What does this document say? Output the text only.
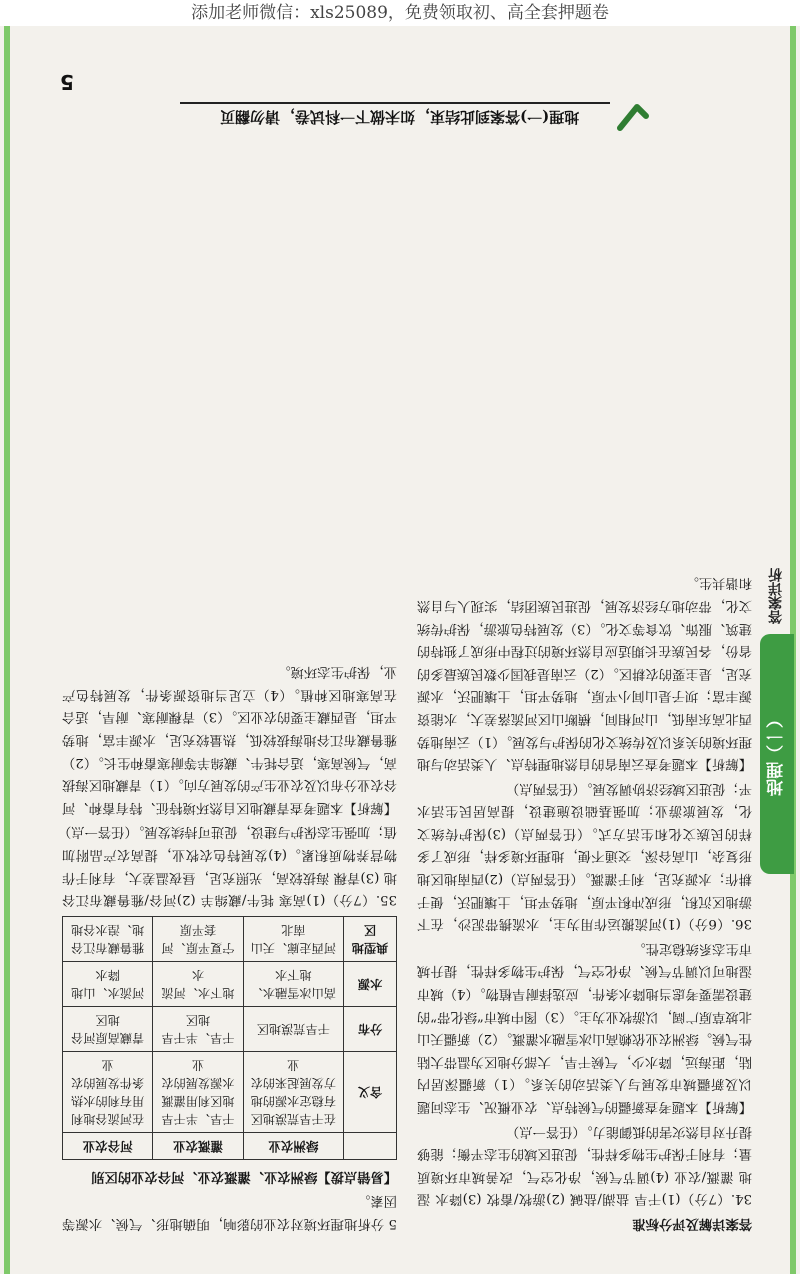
添加老师微信：xls25089，免费领取初、高全套押题卷
地理（一）
答案详析
5
地理(一)答案到此结束，如未做下一科试卷，请勿翻页

答案详解及评分标准

34.（7分）(1)干旱 盐湖/盐碱 (2)游牧/畜牧 (3)降水 湿地 灌溉/农业 (4)调节气候，净化空气，改善城市环境质量；有利于保护生物多样性，促进区域的生态平衡；能够提升对自然灾害的抵御能力。（任答一点）

【解析】本题考查新疆的气候特点、农业概况、生态问题以及新疆城市发展与人类活动的关系。（1）新疆深居内陆，距海远，降水少，气候干旱，大部分地区为温带大陆性气候。绿洲农业依赖高山冰雪融水灌溉。（2）新疆天山北坡草原广阔，以游牧业为主。（3）图中城市“绿化带”的建设需要考虑当地降水条件，应选择耐旱植物。（4）城市湿地可以调节气候、净化空气，保护生物多样性，提升城市生态系统稳定性。

36.（6分）(1)河流搬运作用为主，水流携带泥沙，在下游地区沉积，形成冲积平原，地势平坦，土壤肥沃，便于耕作；水源充足，利于灌溉。（任答两点）(2)西南地区地形复杂，山高谷深，交通不便，地理环境多样，形成了多样的民族文化和生活方式。（任答两点）(3)保护传统文化，发展旅游业；加强基础设施建设，提高居民生活水平；促进区域经济协调发展。（任答两点）

【解析】本题考查云南省的自然地理特点、人类活动与地理环境的关系以及传统文化的保护与发展。（1）云南地势西北高东南低，山河相间，横断山区河流落差大，水能资源丰富；坝子是山间小平原，地势平坦，土壤肥沃，水源充足，是主要的农耕区。（2）云南是我国少数民族最多的省份，各民族在长期适应自然环境的过程中形成了独特的建筑、服饰、饮食等文化。（3）发展特色旅游，保护传统文化，带动地方经济发展，促进民族团结，实现人与自然和谐共生。

5 分析地理环境对农业的影响，明确地形、气候、水源等因素。

【易错点拨】绿洲农业、灌溉农业、河谷农业的区别

	绿洲农业	灌溉农业	河谷农业
含义	在干旱荒漠地区有稳定水源的地方发展起来的农业	干旱、半干旱地区利用灌溉水源发展的农业	在河流谷地利用有利的水热条件发展的农业
分布	干旱荒漠地区	干旱、半干旱地区	青藏高原河谷地区
水源	高山冰雪融水、地下水	地下水、河流水	河流水、山地降水
典型地区	河西走廊、天山南北	宁夏平原、河套平原	雅鲁藏布江谷地、湟水谷地

35.（7分）(1)高寒 牦牛/藏绵羊 (2)河谷/雅鲁藏布江谷地 (3)青稞 海拔较高，光照充足，昼夜温差大，有利于作物营养物质积累。(4)发展特色农牧业，提高农产品附加值；加强生态保护与建设，促进可持续发展。（任答一点）

【解析】本题考查青藏地区自然环境特征、特有畜种、河谷农业分布以及农业生产的发展方向。（1）青藏地区海拔高，气候高寒，适合牦牛、藏绵羊等耐寒畜种生长。（2）雅鲁藏布江谷地海拔较低，热量较充足，水源丰富，地势平坦，是西藏主要的农业区。（3）青稞耐寒、耐旱，适合在高寒地区种植。（4）立足当地资源条件，发展特色产业，保护生态环境。
